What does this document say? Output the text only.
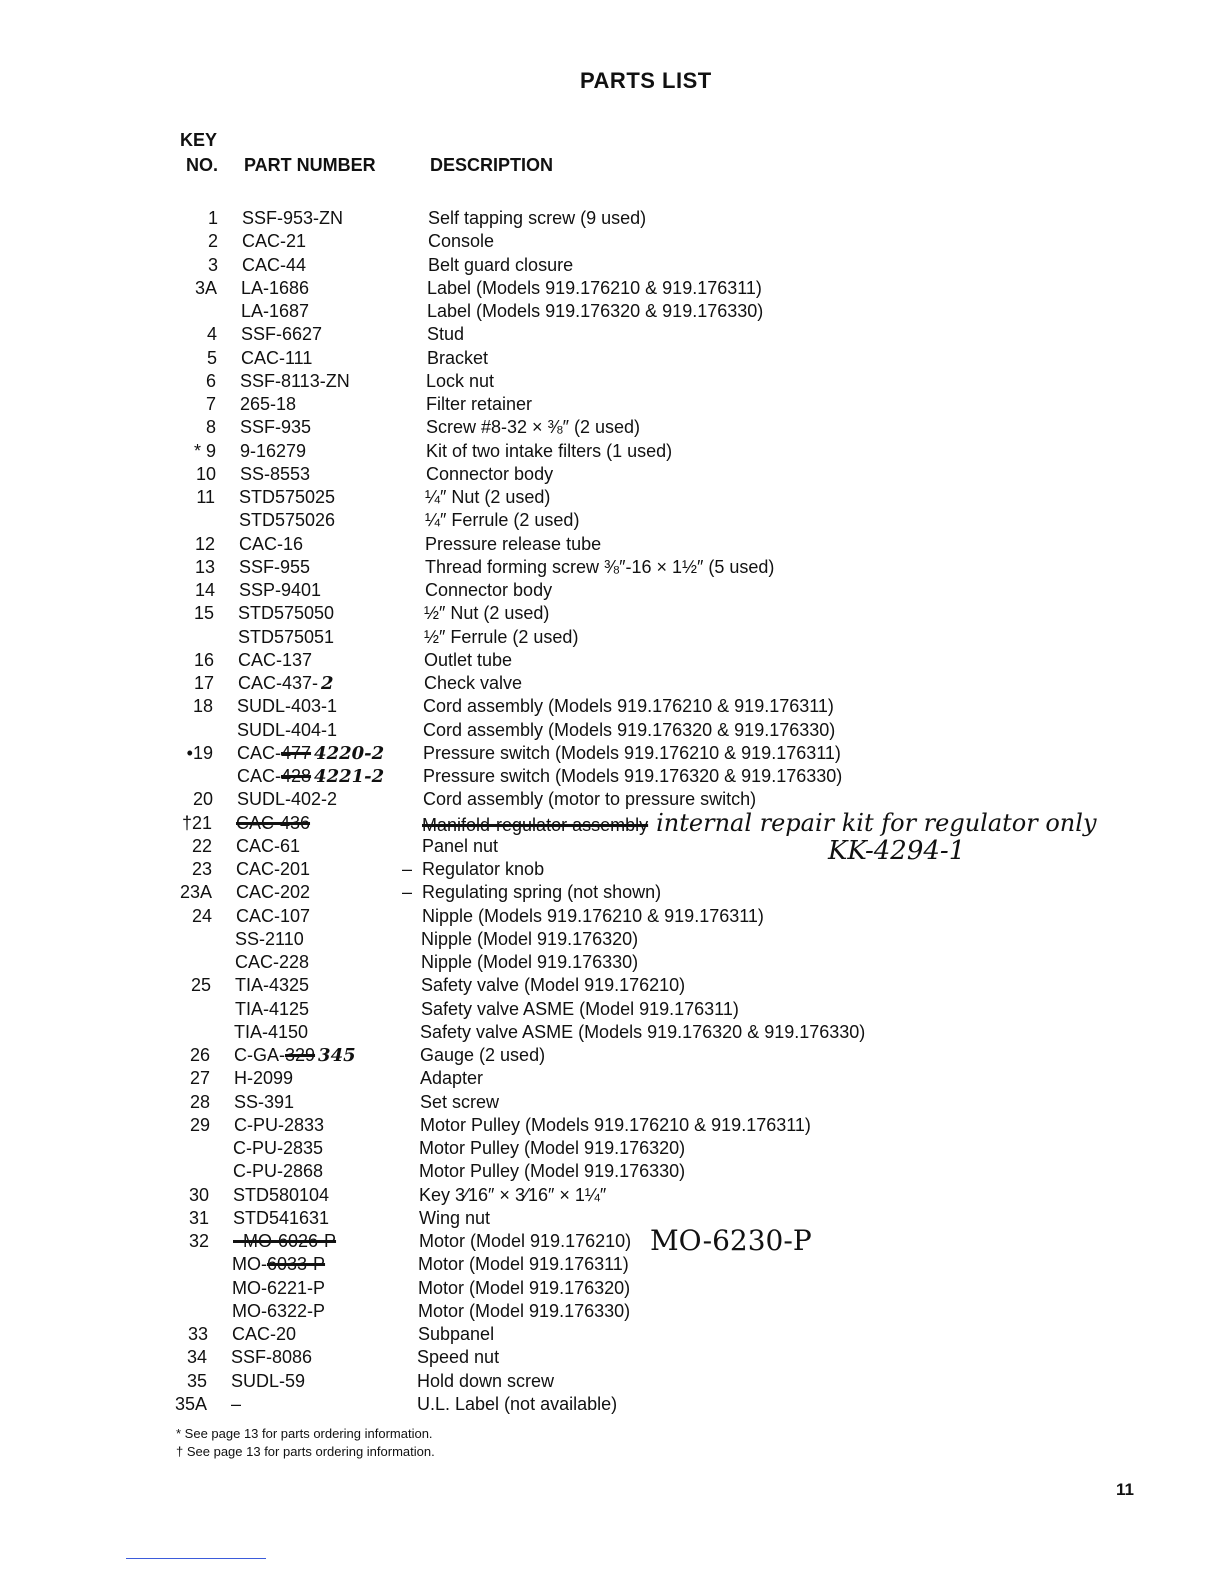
PARTS LIST
KEY
NO. PART NUMBER	DESCRIPTION
1 SSF-953-ZN	Self tapping screw (9 used)
2 CAC-21	Console
3 CAC-44	Belt guard closure
3A LA-1686	Label (Models 919.176210 & 919.176311)
LA-1687	Label (Models 919.176320 & 919.176330)
4 SSF-6627	Stud
5 CAC-111	Bracket
6 SSF-8113-ZN	Lock nut
7 265-18	Filter retainer
8 SSF-935	Screw #8-32 × ⅜″ (2 used)
* 9 9-16279	Kit of two intake filters (1 used)
10 SS-8553	Connector body
11 STD575025	¼″ Nut (2 used)
STD575026	¼″ Ferrule (2 used)
12 CAC-16	Pressure release tube
13 SSF-955	Thread forming screw ⅜″-16 × 1½″ (5 used)
14 SSP-9401	Connector body
15 STD575050	½″ Nut (2 used)
STD575051	½″ Ferrule (2 used)
16 CAC-137	Outlet tube
17 CAC-437- 2	Check valve
18 SUDL-403-1	Cord assembly (Models 919.176210 & 919.176311)
SUDL-404-1	Cord assembly (Models 919.176320 & 919.176330)
•19 CAC-477 4220-2 Pressure switch (Models 919.176210 & 919.176311)
CAC-428 4221-2 Pressure switch (Models 919.176320 & 919.176330)
20 SUDL-402-2	Cord assembly (motor to pressure switch)
†21 CAC-436	Manifold-regulator assembly internal repair kit for regulator only
22 CAC-61	Panel nut
23 CAC-201	– Regulator knob
23A CAC-202	– Regulating spring (not shown)
24 CAC-107	Nipple (Models 919.176210 & 919.176311)
SS-2110	Nipple (Model 919.176320)
CAC-228	Nipple (Model 919.176330)
25 TIA-4325	Safety valve (Model 919.176210)
TIA-4125	Safety valve ASME (Model 919.176311)
TIA-4150	Safety valve ASME (Models 919.176320 & 919.176330)
26 C-GA-329 345	Gauge (2 used)
27 H-2099	Adapter
28 SS-391	Set screw
29 C-PU-2833	Motor Pulley (Models 919.176210 & 919.176311)
C-PU-2835	Motor Pulley (Model 919.176320)
C-PU-2868	Motor Pulley (Model 919.176330)
30 STD580104	Key 3⁄16″ × 3⁄16″ × 1¼″
31 STD541631	Wing nut
32 –MO-6026-P	Motor (Model 919.176210)
MO-6033-P	Motor (Model 919.176311)
MO-6221-P	Motor (Model 919.176320)
MO-6322-P	Motor (Model 919.176330)
33 CAC-20	Subpanel
34 SSF-8086	Speed nut
35 SUDL-59	Hold down screw
35A –	U.L. Label (not available)
KK-4294-1
MO-6230-P
* See page 13 for parts ordering information.
† See page 13 for parts ordering information.
11
